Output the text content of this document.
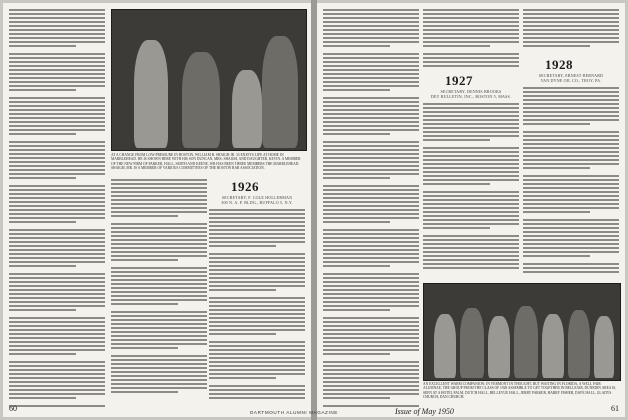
AT A CHANGE FROM LOW-PRESSURE IN BOSTON, WILLIAM B. SHAIGH JR. 33 ENJOYS LIFE AT HOME IN MARBLEHEAD. HE IS SHOWN HERE WITH HIS SON DUNCAN, MRS. SHAIGH, AND DAUGHTER, KEVIN. A MEMBER OF THE NEW FIRM OF PARKER, HALL, SMITH AND KEENE, WB HAS BEEN THREE MEMBERS THE MARBLEHEAD. SHAIGH, MR. IS A MEMBER OF VARIOUS COMMITTEES OF THE BOSTON BAR ASSOCIATION.
1926
SECRETARY, F. COLE HOLLERMAN
300 N. A. P. BLDG., BUFFALO 5, N.Y.
60
1927
SECRETARY, DENNIS BROOKS
DEY BULLETIN, INC., BOSTON 5, MASS.
1928
SECRETARY, ERNEST BERNARD
VAN DYNE OIL CO., TROY, PA.
AN EXCELLENT WARM COMPANION: IN VERMONT IN THOUGHT, BUT WAITING IN FLORIDA, A WELL FAIR ALUMNAE, THE GROUP FROM THE CLASS OF 1928 ASSEMBLE TO GET TOGETHER IN BELLEAIR, DUNEDIN AREA IS, SEEN AT A HOTEL PALM, DUTCH HALL, BELLEVUE HALL, JERRY PARKER, HARRY FISHER, DAVE HALL, GLADYS CHURCH, DAN CHURCH.
61
DARTMOUTH ALUMNI MAGAZINE	Issue of May 1950
